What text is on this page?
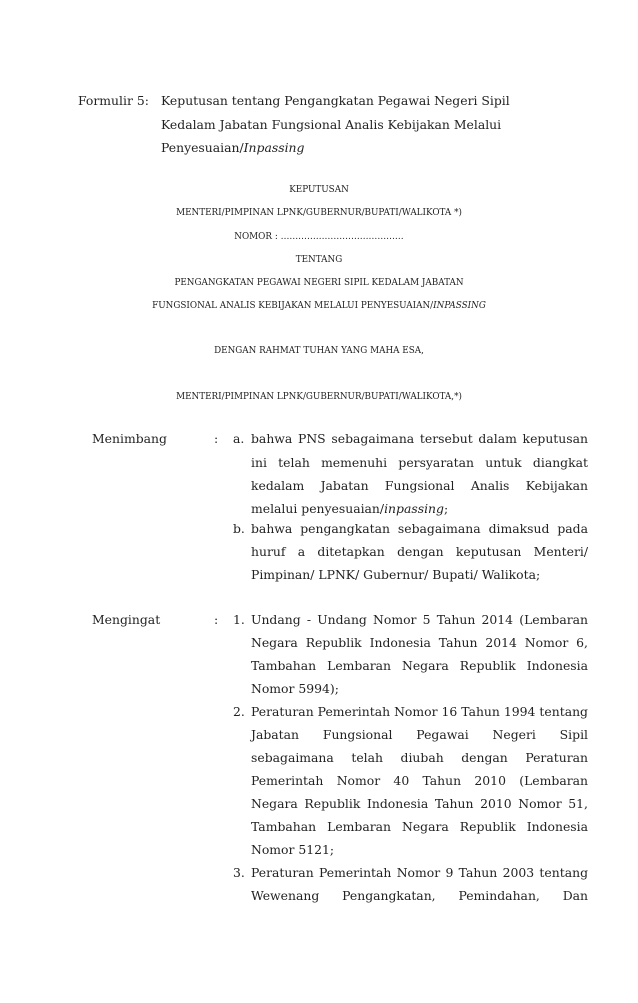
Formulir 5: Keputusan tentang Pengangkatan Pegawai Negeri Sipil
Kedalam Jabatan Fungsional Analis Kebijakan Melalui
Penyesuaian/Inpassing
KEPUTUSAN
MENTERI/PIMPINAN LPNK/GUBERNUR/BUPATI/WALIKOTA *)
NOMOR : ……………………………………
TENTANG
PENGANGKATAN PEGAWAI NEGERI SIPIL KEDALAM JABATAN
FUNGSIONAL ANALIS KEBIJAKAN MELALUI PENYESUAIAN/INPASSING
DENGAN RAHMAT TUHAN YANG MAHA ESA,
MENTERI/PIMPINAN LPNK/GUBERNUR/BUPATI/WALIKOTA,*)
Menimbang	: a. bahwa PNS sebagaimana tersebut dalam keputusan
ini telah memenuhi persyaratan untuk diangkat
kedalam Jabatan Fungsional Analis Kebijakan
melalui penyesuaian/inpassing;
b. bahwa pengangkatan sebagaimana dimaksud pada
huruf a ditetapkan dengan keputusan Menteri/
Pimpinan/ LPNK/ Gubernur/ Bupati/ Walikota;
Mengingat	: 1. Undang - Undang Nomor 5 Tahun 2014 (Lembaran
Negara Republik Indonesia Tahun 2014 Nomor 6,
Tambahan Lembaran Negara Republik Indonesia
Nomor 5994);
2. Peraturan Pemerintah Nomor 16 Tahun 1994 tentang
Jabatan Fungsional Pegawai Negeri Sipil
sebagaimana telah diubah dengan Peraturan
Pemerintah Nomor 40 Tahun 2010 (Lembaran
Negara Republik Indonesia Tahun 2010 Nomor 51,
Tambahan Lembaran Negara Republik Indonesia
Nomor 5121;
3. Peraturan Pemerintah Nomor 9 Tahun 2003 tentang
Wewenang Pengangkatan, Pemindahan, Dan
